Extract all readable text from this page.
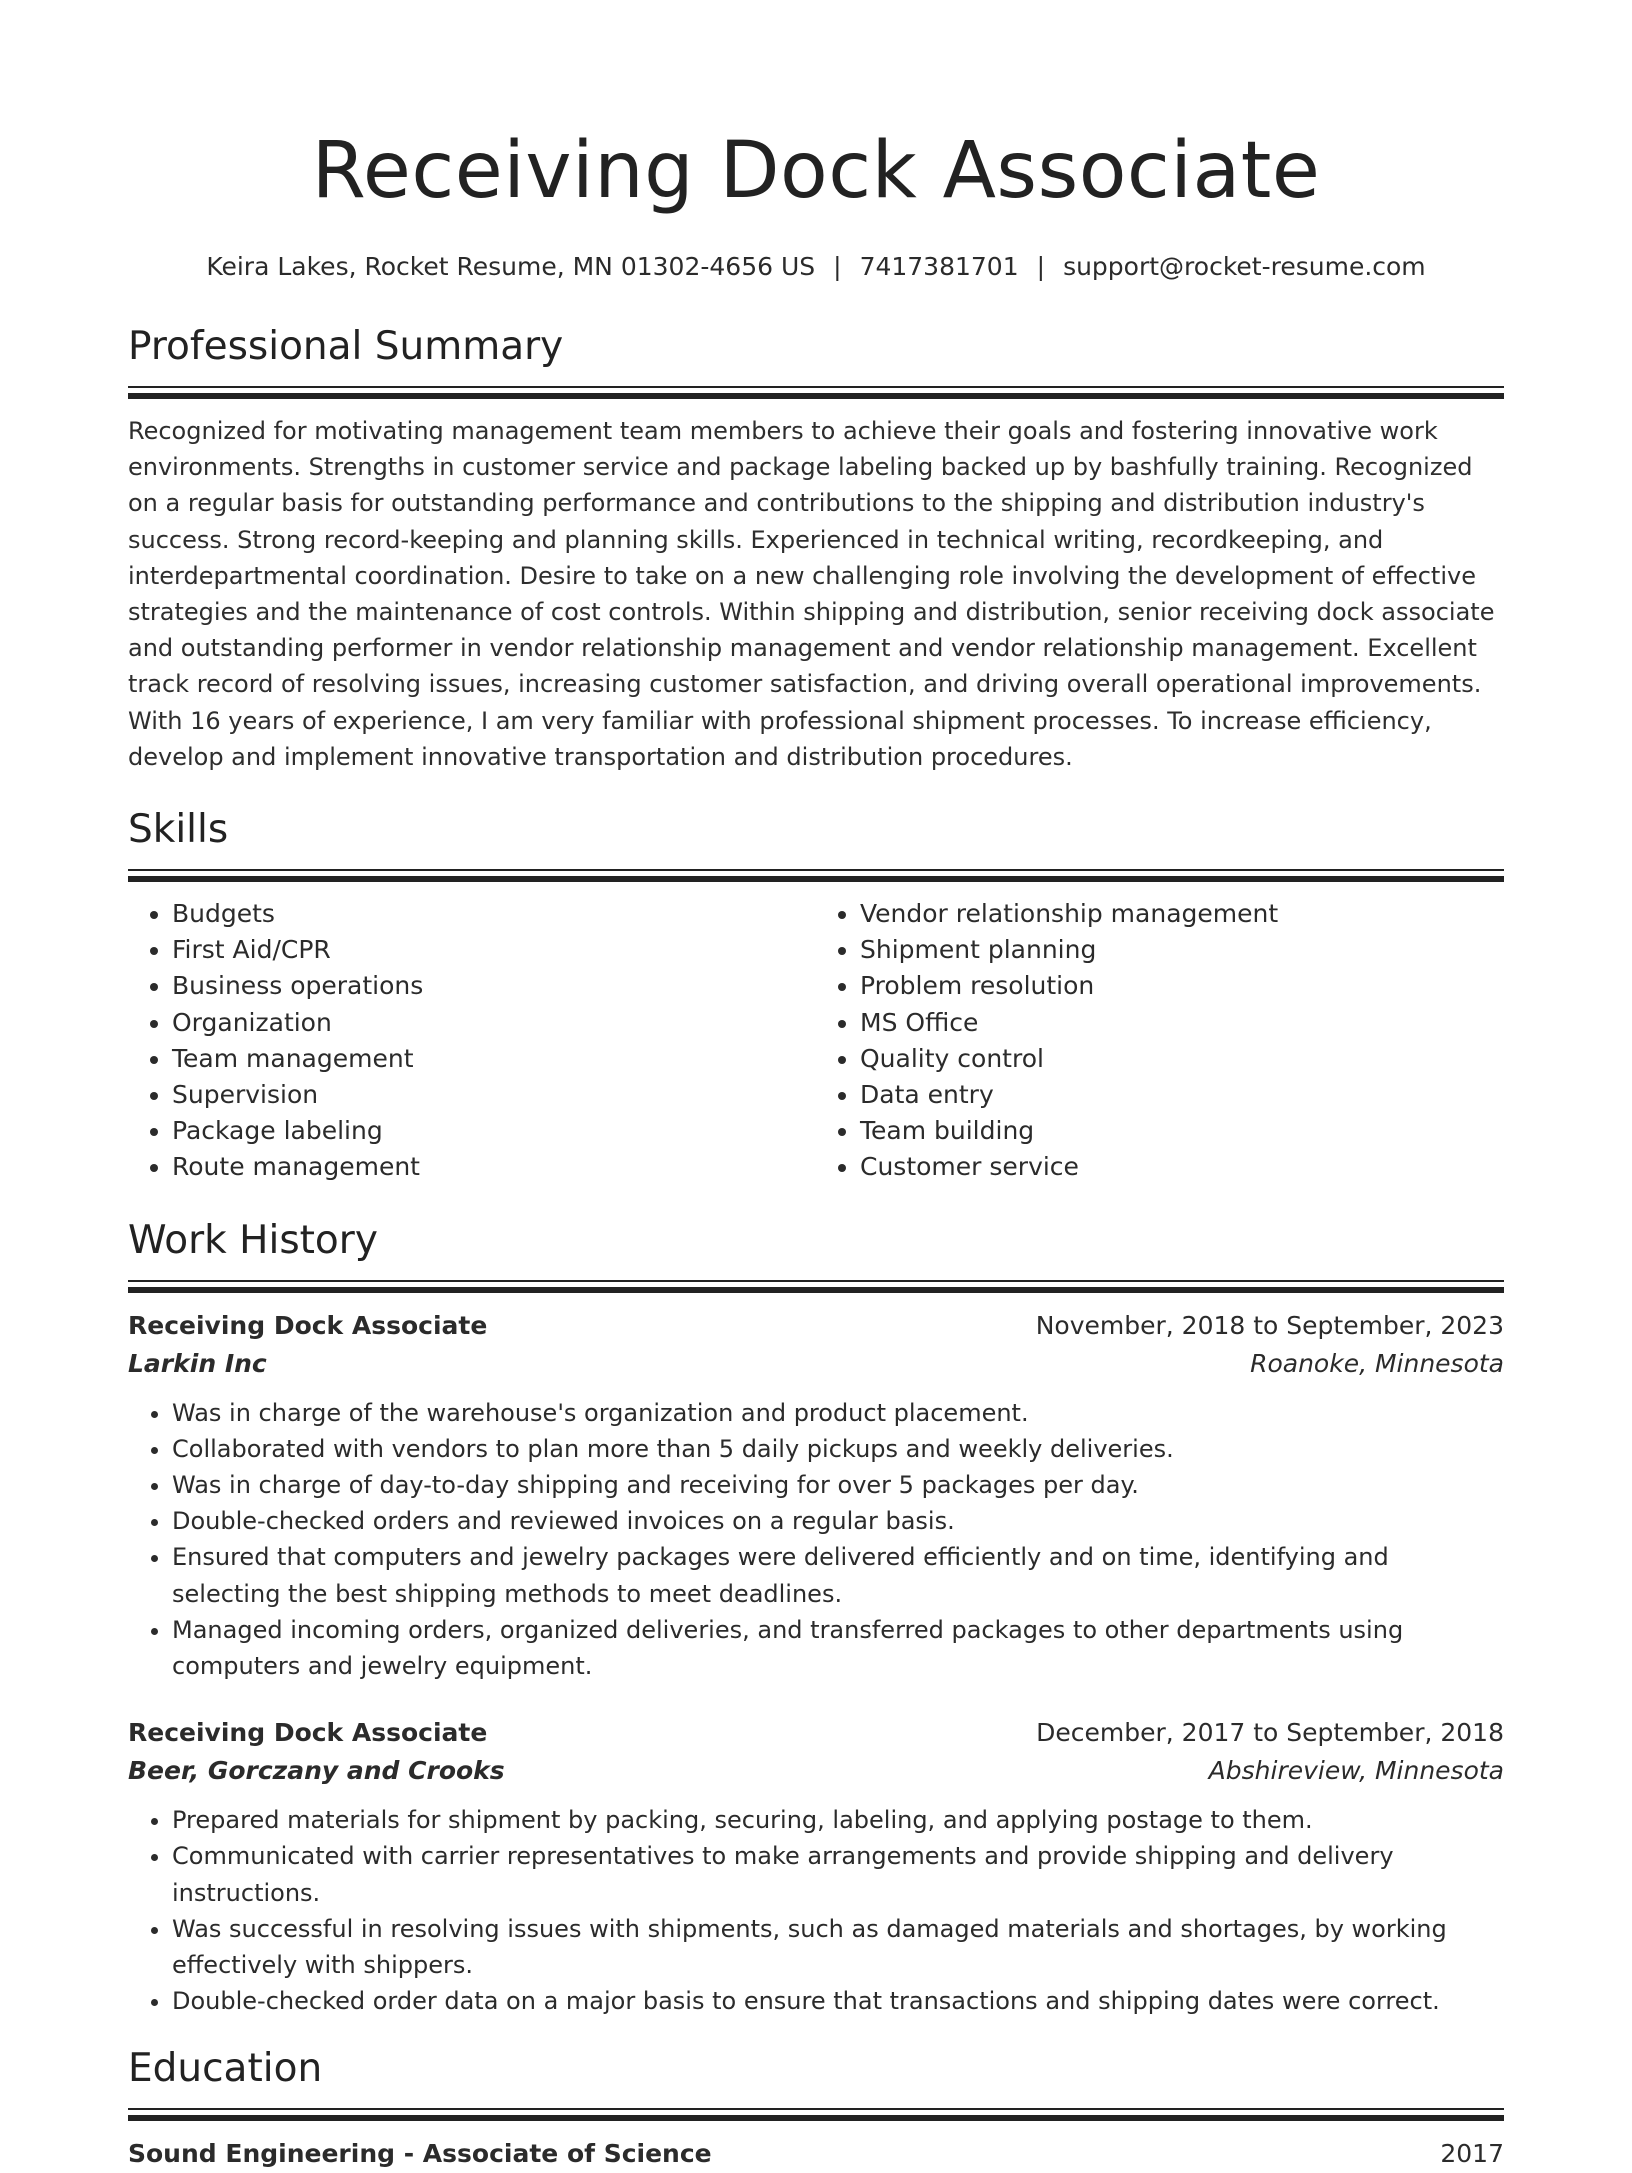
Receiving Dock Associate
Keira Lakes, Rocket Resume, MN 01302-4656 US | 7417381701 | support@rocket-resume.com
Professional Summary
Recognized for motivating management team members to achieve their goals and fostering innovative work environments. Strengths in customer service and package labeling backed up by bashfully training. Recognized on a regular basis for outstanding performance and contributions to the shipping and distribution industry's success. Strong record-keeping and planning skills. Experienced in technical writing, recordkeeping, and interdepartmental coordination. Desire to take on a new challenging role involving the development of effective strategies and the maintenance of cost controls. Within shipping and distribution, senior receiving dock associate and outstanding performer in vendor relationship management and vendor relationship management. Excellent track record of resolving issues, increasing customer satisfaction, and driving overall operational improvements. With 16 years of experience, I am very familiar with professional shipment processes. To increase efficiency, develop and implement innovative transportation and distribution procedures.
Skills
• Budgets
• First Aid/CPR
• Business operations
• Organization
• Team management
• Supervision
• Package labeling
• Route management
• Vendor relationship management
• Shipment planning
• Problem resolution
• MS Office
• Quality control
• Data entry
• Team building
• Customer service
Work History
Receiving Dock Associate	November, 2018 to September, 2023
Larkin Inc	Roanoke, Minnesota
• Was in charge of the warehouse's organization and product placement.
• Collaborated with vendors to plan more than 5 daily pickups and weekly deliveries.
• Was in charge of day-to-day shipping and receiving for over 5 packages per day.
• Double-checked orders and reviewed invoices on a regular basis.
• Ensured that computers and jewelry packages were delivered efficiently and on time, identifying and selecting the best shipping methods to meet deadlines.
• Managed incoming orders, organized deliveries, and transferred packages to other departments using computers and jewelry equipment.
Receiving Dock Associate	December, 2017 to September, 2018
Beer, Gorczany and Crooks	Abshireview, Minnesota
• Prepared materials for shipment by packing, securing, labeling, and applying postage to them.
• Communicated with carrier representatives to make arrangements and provide shipping and delivery instructions.
• Was successful in resolving issues with shipments, such as damaged materials and shortages, by working effectively with shippers.
• Double-checked order data on a major basis to ensure that transactions and shipping dates were correct.
Education
Sound Engineering - Associate of Science	2017
